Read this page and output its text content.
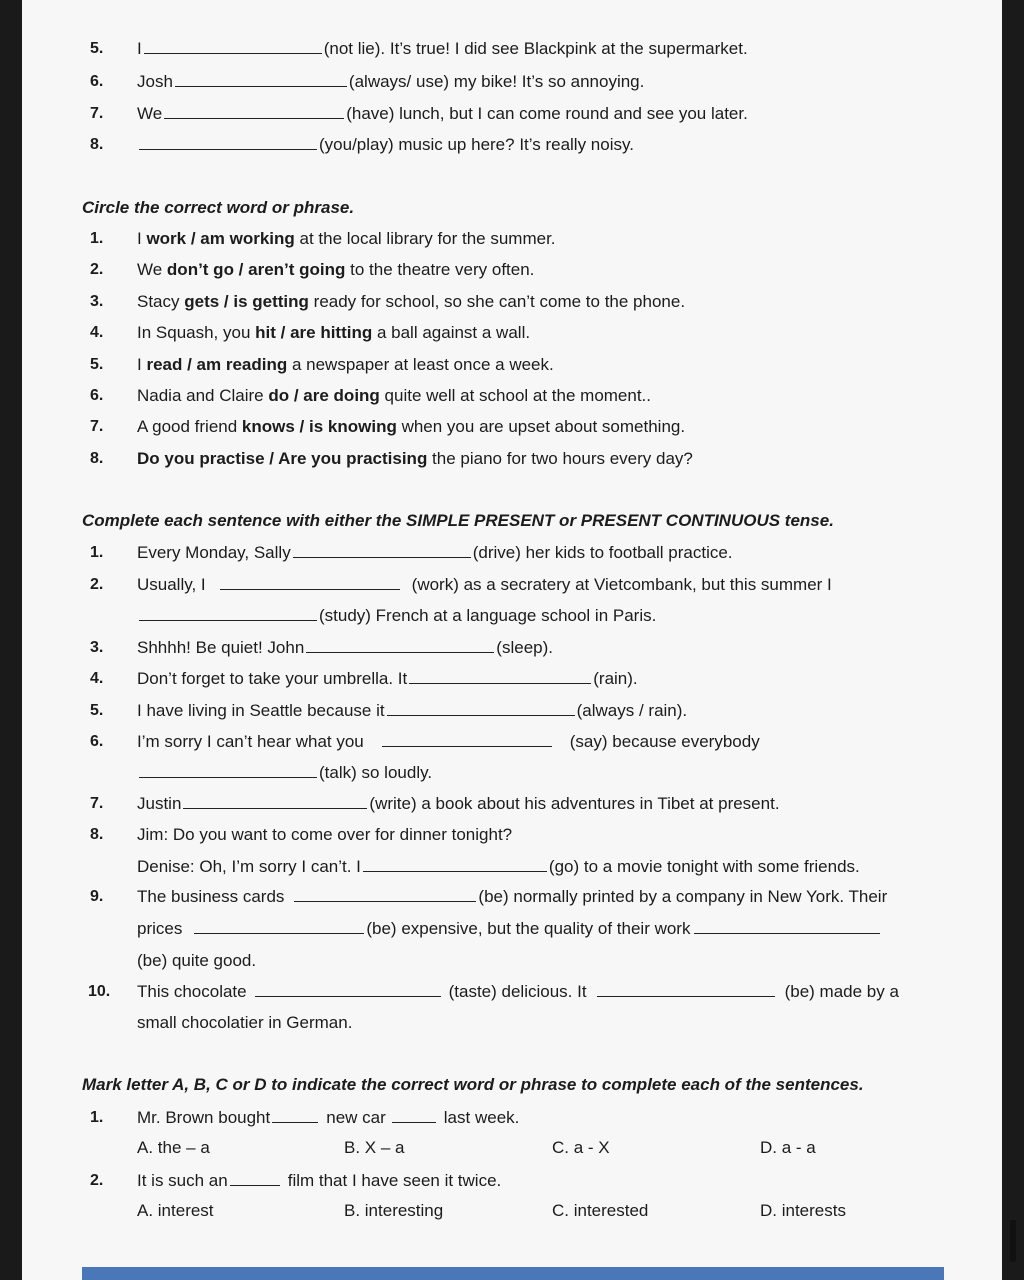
5. I	(not lie). It’s true! I did see Blackpink at the supermarket.
6. Josh	(always/ use) my bike! It’s so annoying.
7. We	(have) lunch, but I can come round and see you later.
8.	(you/play) music up here? It’s really noisy.
Circle the correct word or phrase.
1. I work / am working at the local library for the summer.
2. We don’t go / aren’t going to the theatre very often.
3. Stacy gets / is getting ready for school, so she can’t come to the phone.
4. In Squash, you hit / are hitting a ball against a wall.
5. I read / am reading a newspaper at least once a week.
6. Nadia and Claire do / are doing quite well at school at the moment..
7. A good friend knows / is knowing when you are upset about something.
8. Do you practise / Are you practising the piano for two hours every day?
Complete each sentence with either the SIMPLE PRESENT or PRESENT CONTINUOUS tense.
1. Every Monday, Sally	(drive) her kids to football practice.
2. Usually, I	(work) as a secratery at Vietcombank, but this summer I
(study) French at a language school in Paris.
3. Shhhh! Be quiet! John	(sleep).
4. Don’t forget to take your umbrella. It	(rain).
5. I have living in Seattle because it	(always / rain).
6. I’m sorry I can’t hear what you	(say) because everybody
(talk) so loudly.
7. Justin	(write) a book about his adventures in Tibet at present.
8. Jim: Do you want to come over for dinner tonight?
Denise: Oh, I’m sorry I can’t. I	(go) to a movie tonight with some friends.
9. The business cards	(be) normally printed by a company in New York. Their
prices	(be) expensive, but the quality of their work
(be) quite good.
10. This chocolate	(taste) delicious. It	(be) made by a
small chocolatier in German.
Mark letter A, B, C or D to indicate the correct word or phrase to complete each of the sentences.
1. Mr. Brown bought	new car	last week.
A. the – a	B. X – a	C. a - X	D. a - a
2. It is such an	film that I have seen it twice.
A. interest	B. interesting	C. interested	D. interests
